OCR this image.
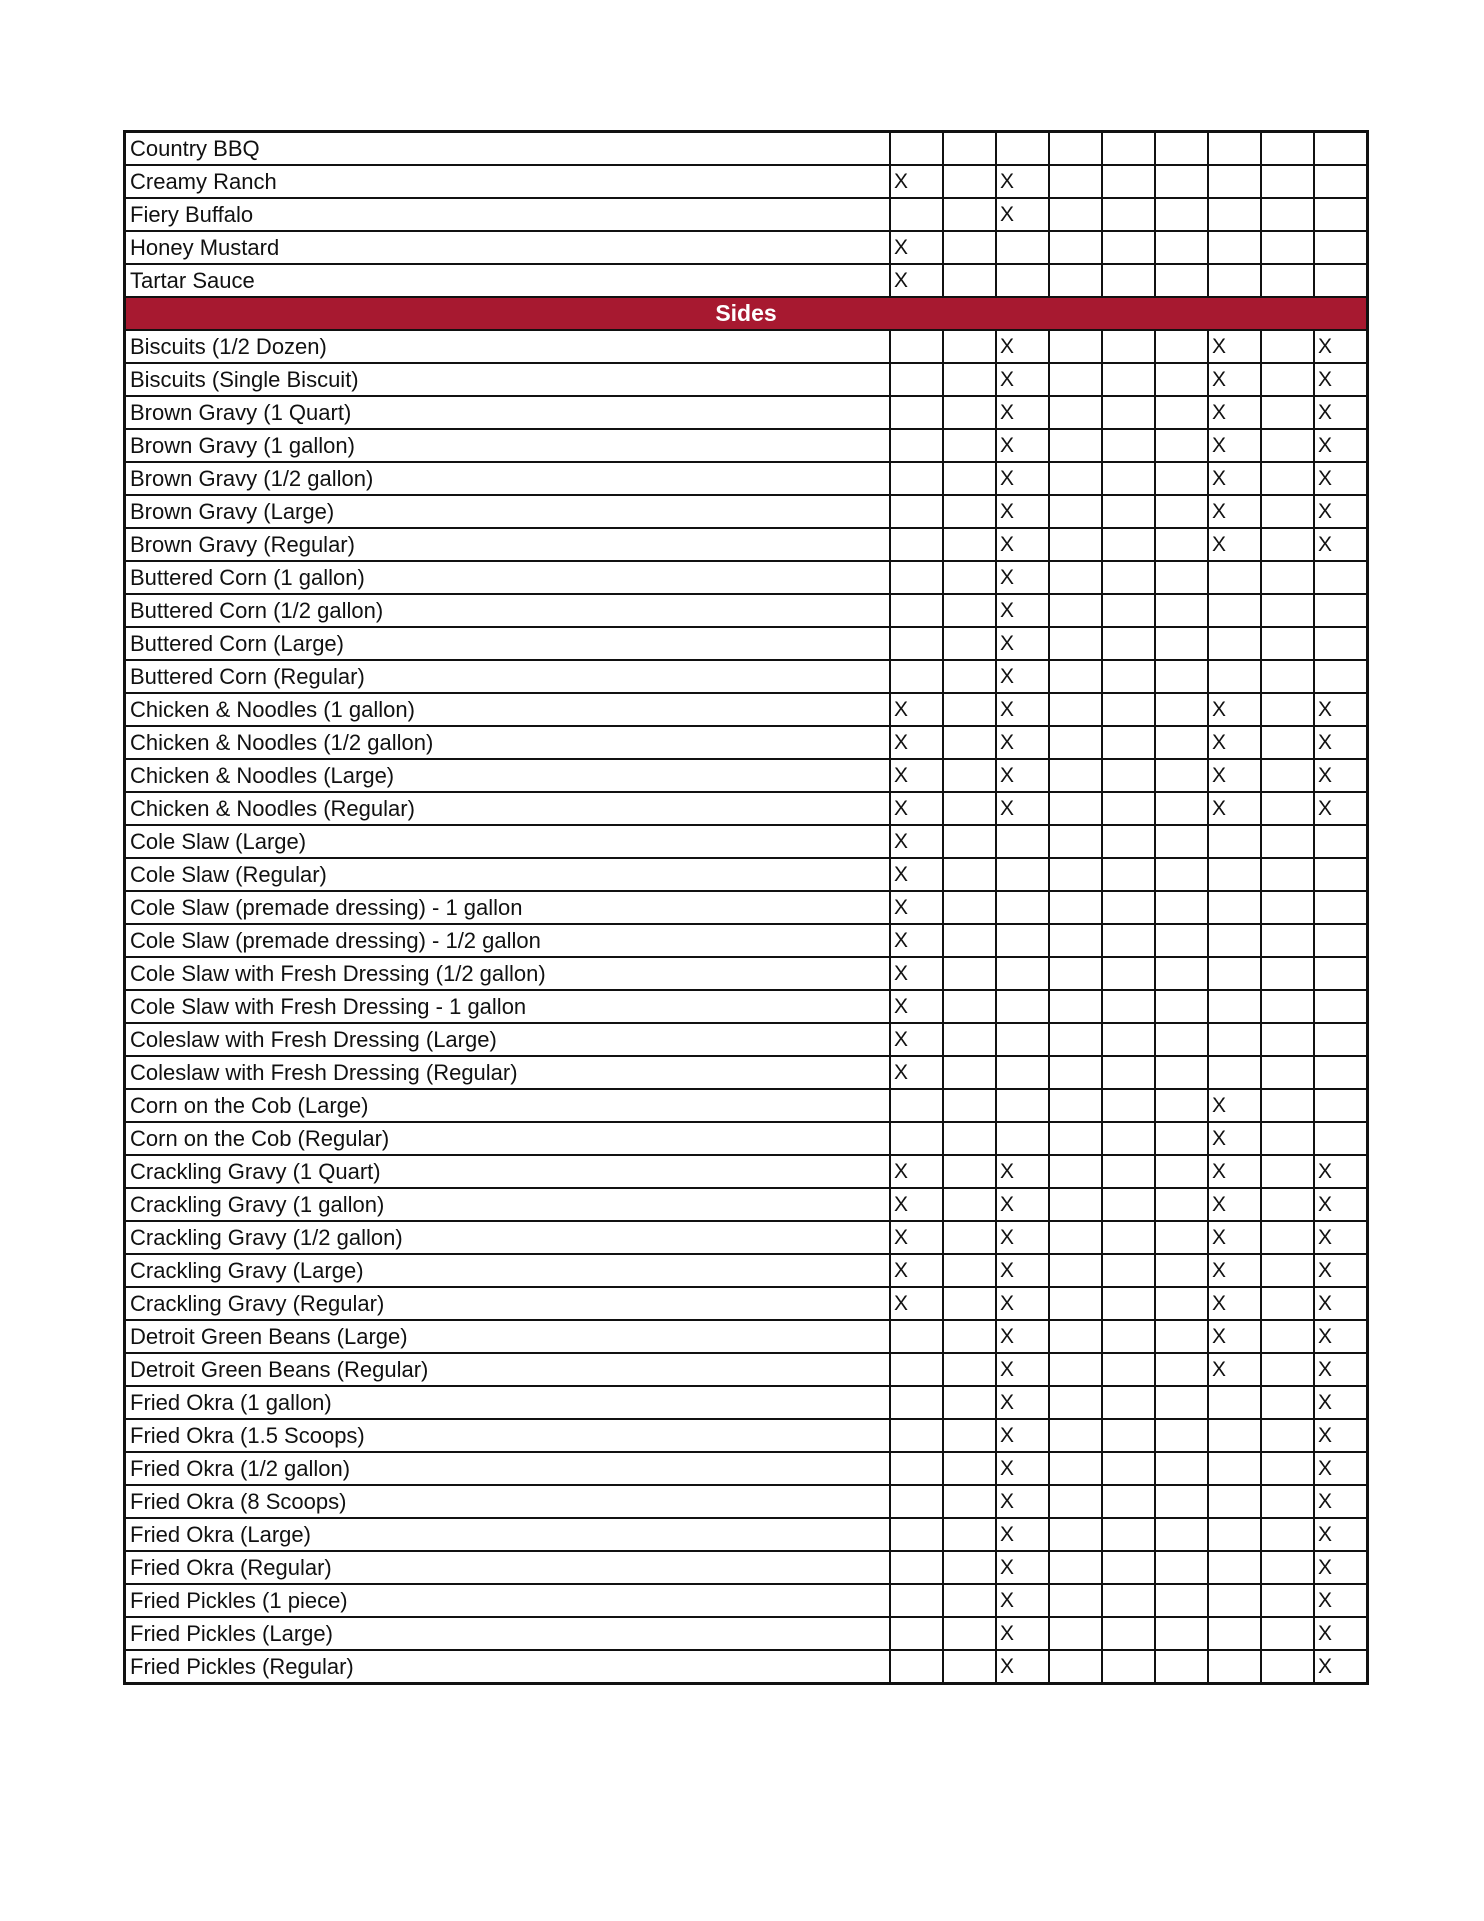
Country BBQ									
Creamy Ranch	X		X						
Fiery Buffalo			X						
Honey Mustard	X								
Tartar Sauce	X								
Sides									
Biscuits (1/2 Dozen)			X				X		X
Biscuits (Single Biscuit)			X				X		X
Brown Gravy (1 Quart)			X				X		X
Brown Gravy (1 gallon)			X				X		X
Brown Gravy (1/2 gallon)			X				X		X
Brown Gravy (Large)			X				X		X
Brown Gravy (Regular)			X				X		X
Buttered Corn (1 gallon)			X						
Buttered Corn (1/2 gallon)			X						
Buttered Corn (Large)			X						
Buttered Corn (Regular)			X						
Chicken & Noodles (1 gallon)	X		X				X		X
Chicken & Noodles (1/2 gallon)	X		X				X		X
Chicken & Noodles (Large)	X		X				X		X
Chicken & Noodles (Regular)	X		X				X		X
Cole Slaw (Large)	X								
Cole Slaw (Regular)	X								
Cole Slaw (premade dressing) - 1 gallon	X								
Cole Slaw (premade dressing) - 1/2 gallon	X								
Cole Slaw with Fresh Dressing (1/2 gallon)	X								
Cole Slaw with Fresh Dressing - 1 gallon	X								
Coleslaw with Fresh Dressing (Large)	X								
Coleslaw with Fresh Dressing (Regular)	X								
Corn on the Cob (Large)							X		
Corn on the Cob (Regular)							X		
Crackling Gravy (1 Quart)	X		X				X		X
Crackling Gravy (1 gallon)	X		X				X		X
Crackling Gravy (1/2 gallon)	X		X				X		X
Crackling Gravy (Large)	X		X				X		X
Crackling Gravy (Regular)	X		X				X		X
Detroit Green Beans (Large)			X				X		X
Detroit Green Beans (Regular)			X				X		X
Fried Okra (1 gallon)			X						X
Fried Okra (1.5 Scoops)			X						X
Fried Okra (1/2 gallon)			X						X
Fried Okra (8 Scoops)			X						X
Fried Okra (Large)			X						X
Fried Okra (Regular)			X						X
Fried Pickles (1 piece)			X						X
Fried Pickles (Large)			X						X
Fried Pickles (Regular)			X						X
